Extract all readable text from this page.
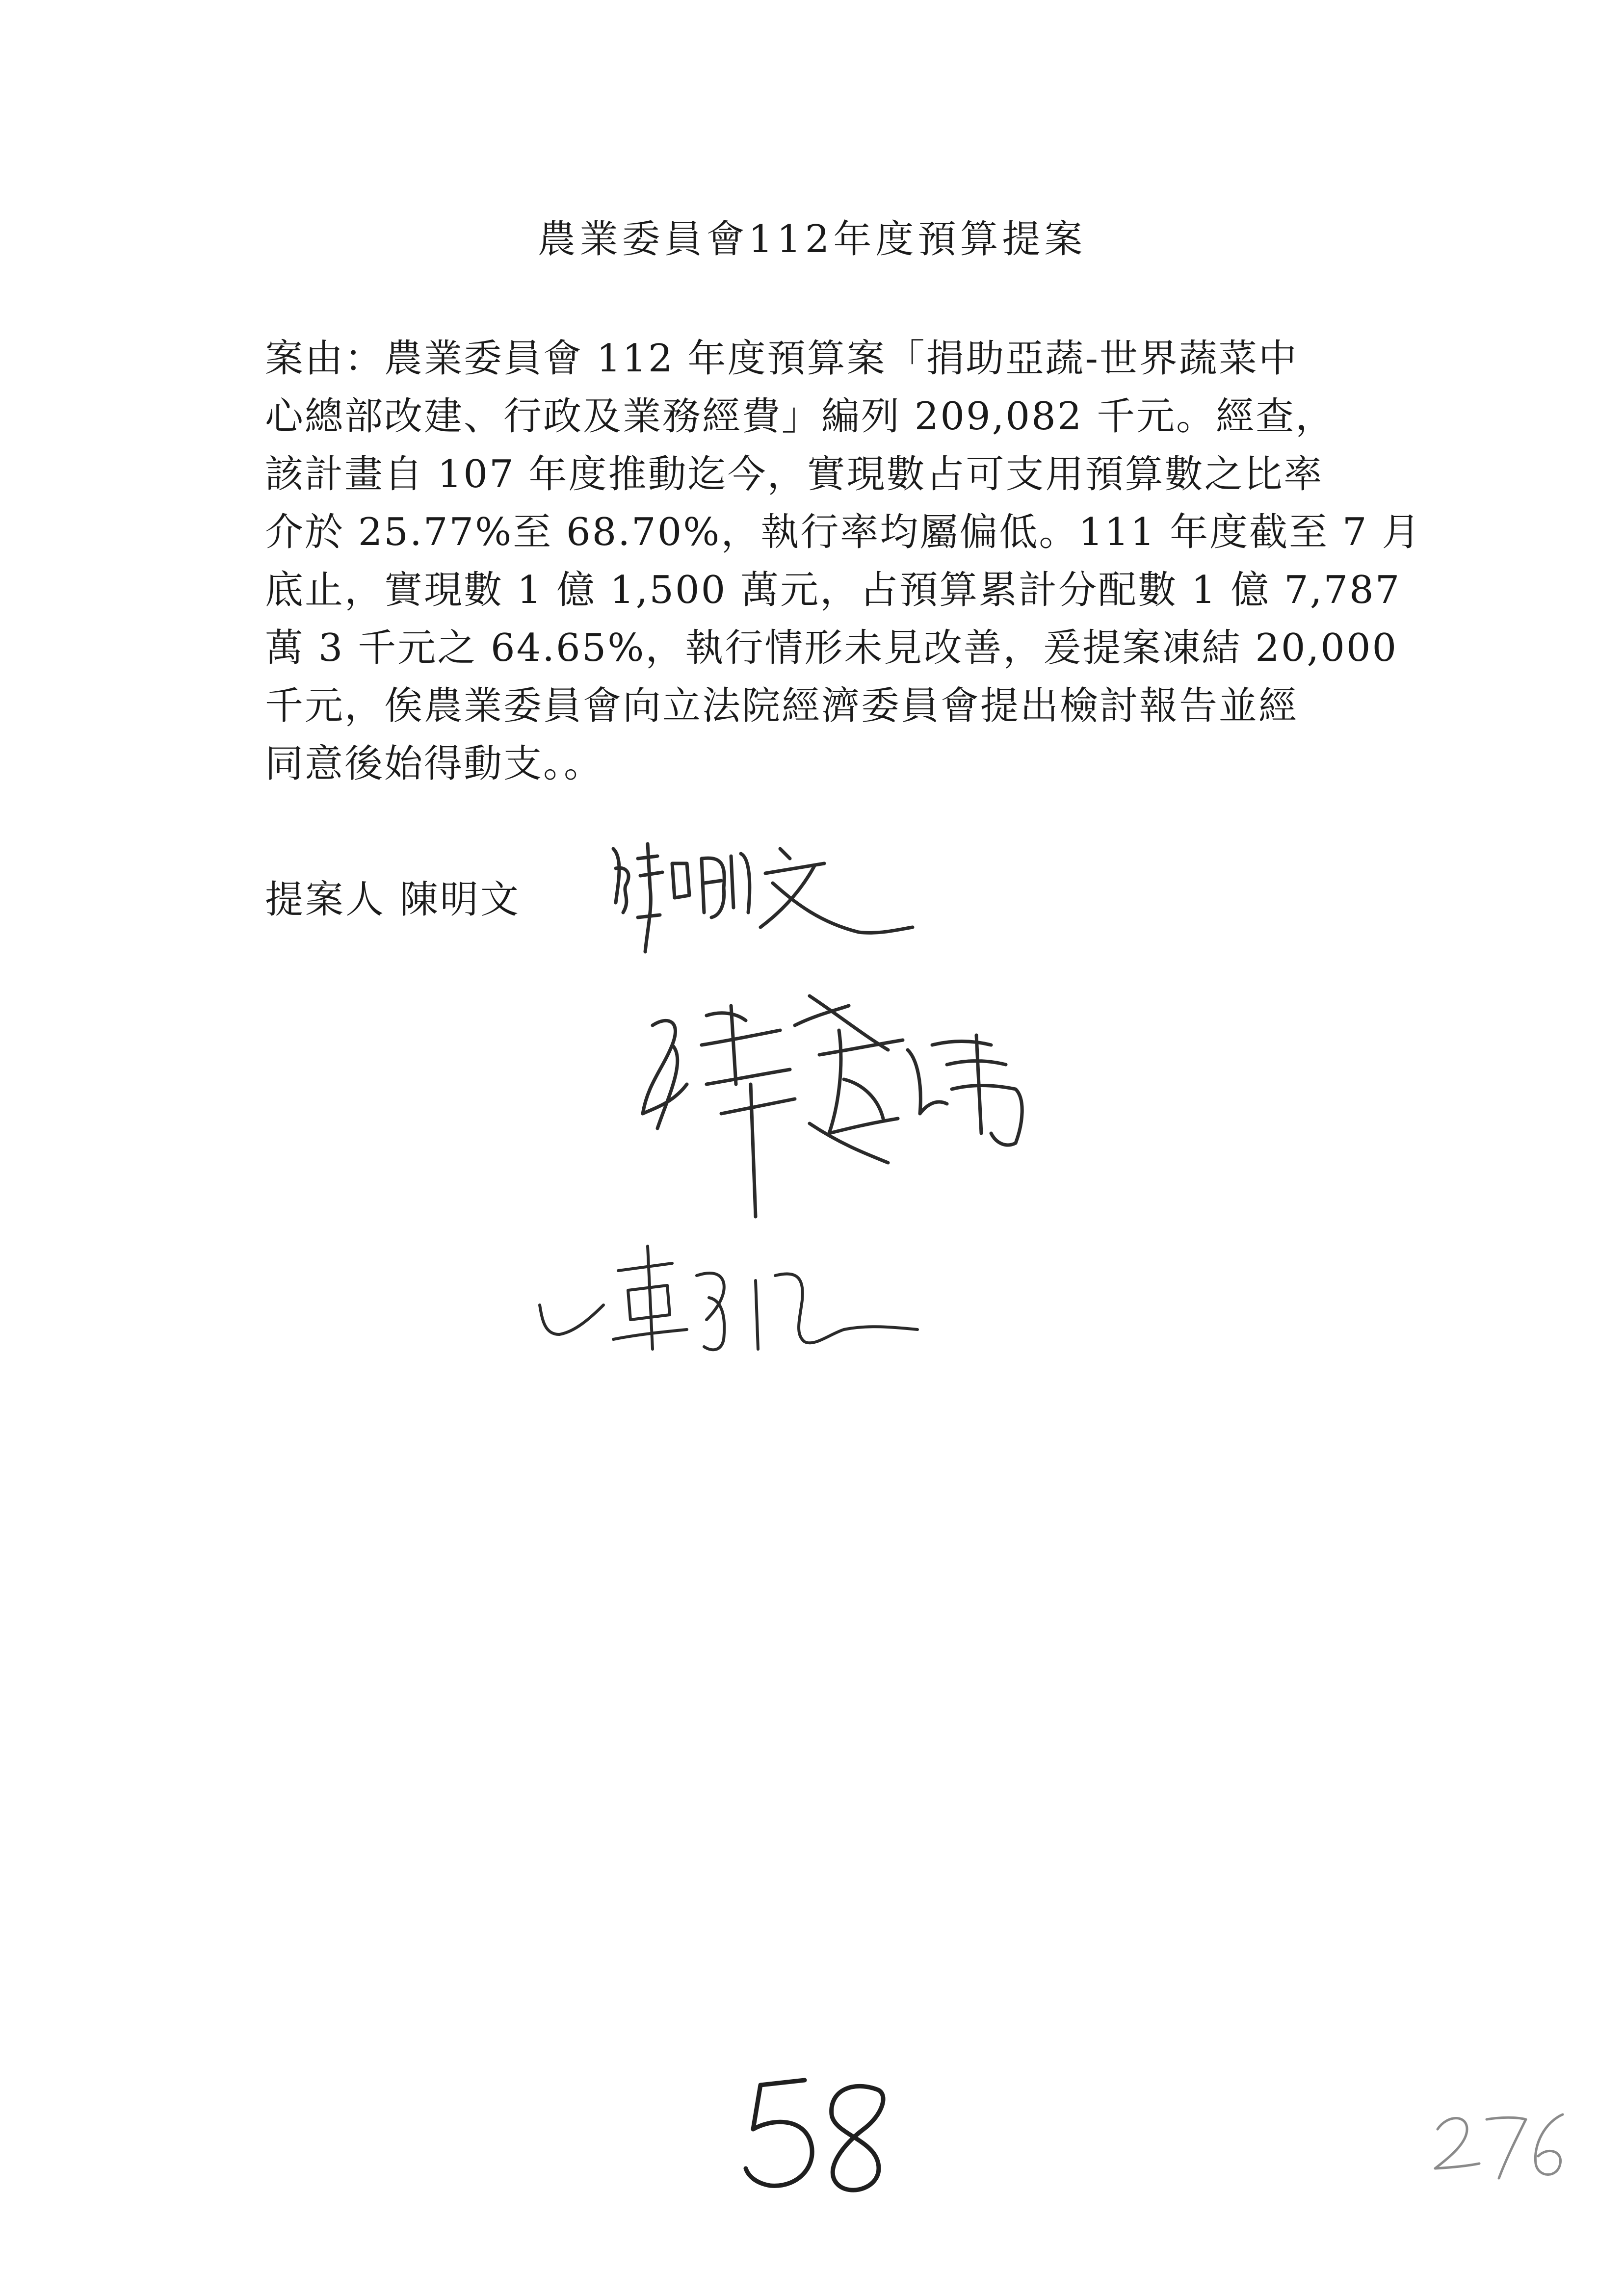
農業委員會112年度預算提案
案由：農業委員會 112 年度預算案「捐助亞蔬-世界蔬菜中
心總部改建、行政及業務經費」編列 209,082 千元。經查，
該計畫自 107 年度推動迄今，實現數占可支用預算數之比率
介於 25.77%至 68.70%，執行率均屬偏低。111 年度截至 7 月
底止，實現數 1 億 1,500 萬元，占預算累計分配數 1 億 7,787
萬 3 千元之 64.65%，執行情形未見改善，爰提案凍結 20,000
千元，俟農業委員會向立法院經濟委員會提出檢討報告並經
同意後始得動支。。
提案人 陳明文
